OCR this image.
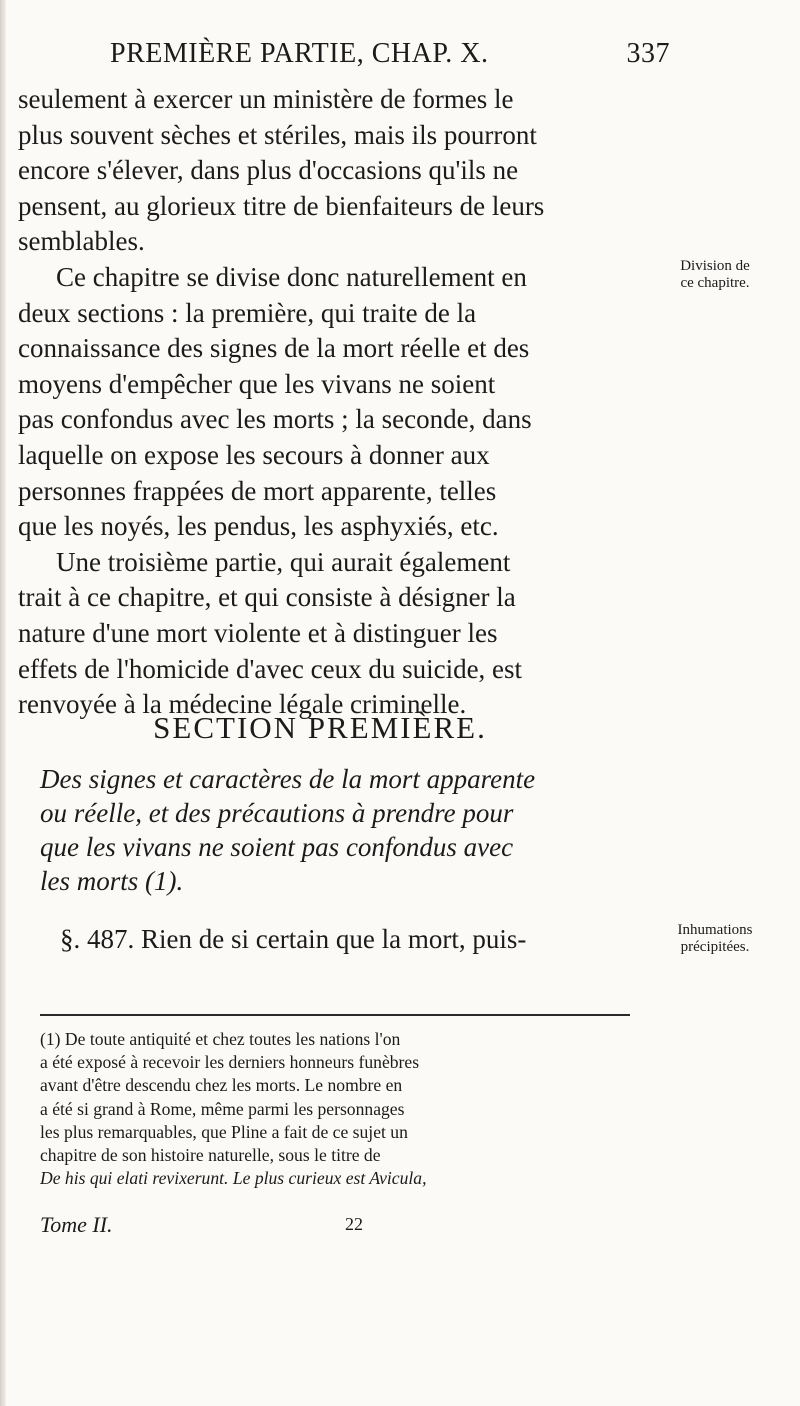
PREMIÈRE PARTIE, CHAP. X.	337
seulement à exercer un ministère de formes le
plus souvent sèches et stériles, mais ils pourront
encore s'élever, dans plus d'occasions qu'ils ne
pensent, au glorieux titre de bienfaiteurs de leurs
semblables.
Ce chapitre se divise donc naturellement en
deux sections : la première, qui traite de la
connaissance des signes de la mort réelle et des
moyens d'empêcher que les vivans ne soient
pas confondus avec les morts ; la seconde, dans
laquelle on expose les secours à donner aux
personnes frappées de mort apparente, telles
que les noyés, les pendus, les asphyxiés, etc.
Une troisième partie, qui aurait également
trait à ce chapitre, et qui consiste à désigner la
nature d'une mort violente et à distinguer les
effets de l'homicide d'avec ceux du suicide, est
renvoyée à la médecine légale criminelle.
Division de
ce chapitre.
SECTION PREMIÈRE.
Des signes et caractères de la mort apparente
ou réelle, et des précautions à prendre pour
que les vivans ne soient pas confondus avec
les morts (1).
§. 487. Rien de si certain que la mort, puis-	Inhumations
précipitées.
(1) De toute antiquité et chez toutes les nations l'on
a été exposé à recevoir les derniers honneurs funèbres
avant d'être descendu chez les morts. Le nombre en
a été si grand à Rome, même parmi les personnages
les plus remarquables, que Pline a fait de ce sujet un
chapitre de son histoire naturelle, sous le titre de
De his qui elati revixerunt. Le plus curieux est Avicula,
Tome II.	22
